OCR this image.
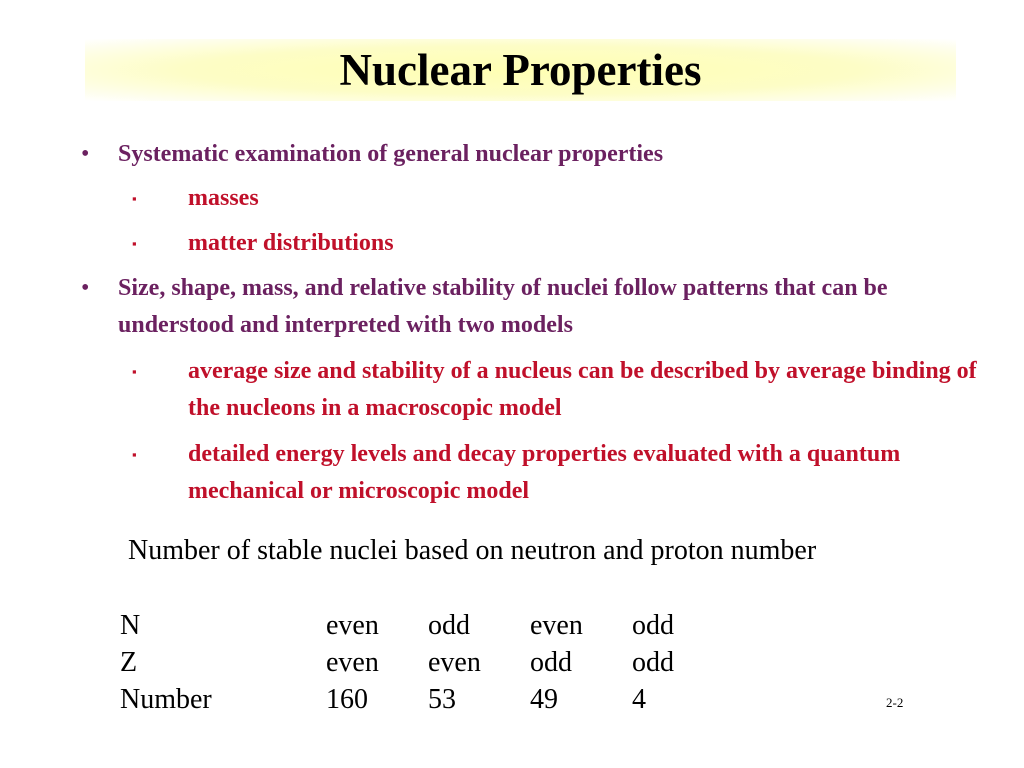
Nuclear Properties
• Systematic examination of general nuclear properties
▪ masses
▪ matter distributions
• Size, shape, mass, and relative stability of nuclei follow patterns that can be understood and interpreted with two models
▪ average size and stability of a nucleus can be described by average binding of the nucleons in a macroscopic model
▪ detailed energy levels and decay properties evaluated with a quantum mechanical or microscopic model
Number of stable nuclei based on neutron and proton number
N	even	odd	even	odd
Z	even	even	odd	odd
Number	160	53	49	4	2-2
